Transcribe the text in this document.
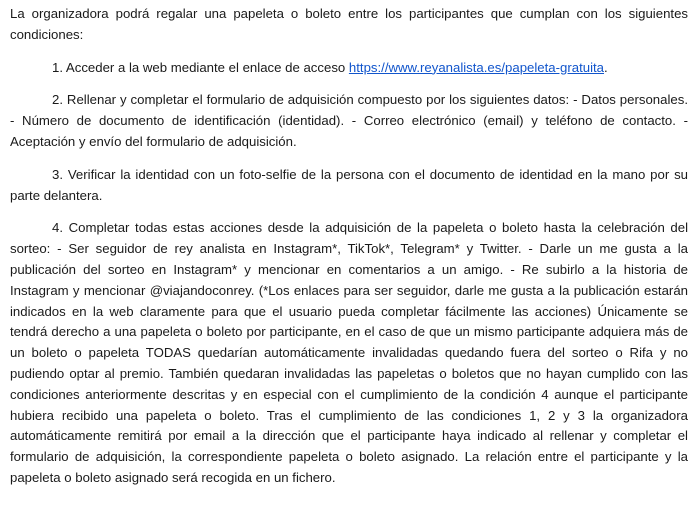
La organizadora podrá regalar una papeleta o boleto entre los participantes que cumplan con los siguientes condiciones:

1. Acceder a la web mediante el enlace de acceso https://www.reyanalista.es/papeleta-gratuita.

2. Rellenar y completar el formulario de adquisición compuesto por los siguientes datos: - Datos personales. - Número de documento de identificación (identidad). - Correo electrónico (email) y teléfono de contacto. - Aceptación y envío del formulario de adquisición.

3. Verificar la identidad con un foto-selfie de la persona con el documento de identidad en la mano por su parte delantera.

4. Completar todas estas acciones desde la adquisición de la papeleta o boleto hasta la celebración del sorteo: - Ser seguidor de rey analista en Instagram*, TikTok*, Telegram* y Twitter. - Darle un me gusta a la publicación del sorteo en Instagram* y mencionar en comentarios a un amigo. - Re subirlo a la historia de Instagram y mencionar @viajandoconrey. (*Los enlaces para ser seguidor, darle me gusta a la publicación estarán indicados en la web claramente para que el usuario pueda completar fácilmente las acciones) Únicamente se tendrá derecho a una papeleta o boleto por participante, en el caso de que un mismo participante adquiera más de un boleto o papeleta TODAS quedarían automáticamente invalidadas quedando fuera del sorteo o Rifa y no pudiendo optar al premio. También quedaran invalidadas las papeletas o boletos que no hayan cumplido con las condiciones anteriormente descritas y en especial con el cumplimiento de la condición 4 aunque el participante hubiera recibido una papeleta o boleto. Tras el cumplimiento de las condiciones 1, 2 y 3 la organizadora automáticamente remitirá por email a la dirección que el participante haya indicado al rellenar y completar el formulario de adquisición, la correspondiente papeleta o boleto asignado. La relación entre el participante y la papeleta o boleto asignado será recogida en un fichero.
